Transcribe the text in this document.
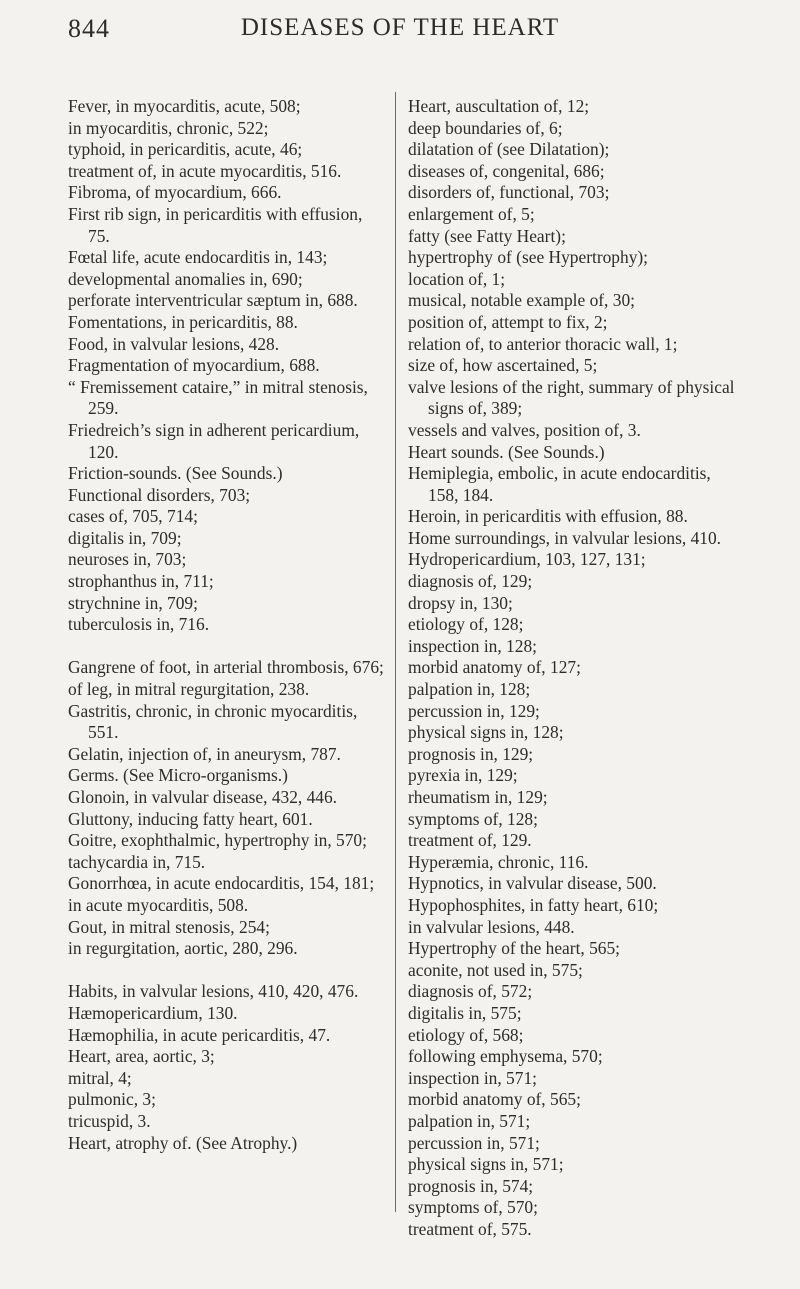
844	DISEASES OF THE HEART
Fever, in myocarditis, acute, 508;
in myocarditis, chronic, 522;
typhoid, in pericarditis, acute, 46;
treatment of, in acute myocarditis, 516.
Fibroma, of myocardium, 666.
First rib sign, in pericarditis with effusion, 75.
Fœtal life, acute endocarditis in, 143;
developmental anomalies in, 690;
perforate interventricular sæptum in, 688.
Fomentations, in pericarditis, 88.
Food, in valvular lesions, 428.
Fragmentation of myocardium, 688.
“ Fremissement cataire,” in mitral stenosis, 259.
Friedreich’s sign in adherent pericardium, 120.
Friction-sounds. (See Sounds.)
Functional disorders, 703;
cases of, 705, 714;
digitalis in, 709;
neuroses in, 703;
strophanthus in, 711;
strychnine in, 709;
tuberculosis in, 716.
Gangrene of foot, in arterial thrombosis, 676;
of leg, in mitral regurgitation, 238.
Gastritis, chronic, in chronic myocarditis, 551.
Gelatin, injection of, in aneurysm, 787.
Germs. (See Micro-organisms.)
Glonoin, in valvular disease, 432, 446.
Gluttony, inducing fatty heart, 601.
Goitre, exophthalmic, hypertrophy in, 570;
tachycardia in, 715.
Gonorrhœa, in acute endocarditis, 154, 181;
in acute myocarditis, 508.
Gout, in mitral stenosis, 254;
in regurgitation, aortic, 280, 296.
Habits, in valvular lesions, 410, 420, 476.
Hæmopericardium, 130.
Hæmophilia, in acute pericarditis, 47.
Heart, area, aortic, 3;
mitral, 4;
pulmonic, 3;
tricuspid, 3.
Heart, atrophy of. (See Atrophy.)
Heart, auscultation of, 12;
deep boundaries of, 6;
dilatation of (see Dilatation);
diseases of, congenital, 686;
disorders of, functional, 703;
enlargement of, 5;
fatty (see Fatty Heart);
hypertrophy of (see Hypertrophy);
location of, 1;
musical, notable example of, 30;
position of, attempt to fix, 2;
relation of, to anterior thoracic wall, 1;
size of, how ascertained, 5;
valve lesions of the right, summary of physical signs of, 389;
vessels and valves, position of, 3.
Heart sounds. (See Sounds.)
Hemiplegia, embolic, in acute endocarditis, 158, 184.
Heroin, in pericarditis with effusion, 88.
Home surroundings, in valvular lesions, 410.
Hydropericardium, 103, 127, 131;
diagnosis of, 129;
dropsy in, 130;
etiology of, 128;
inspection in, 128;
morbid anatomy of, 127;
palpation in, 128;
percussion in, 129;
physical signs in, 128;
prognosis in, 129;
pyrexia in, 129;
rheumatism in, 129;
symptoms of, 128;
treatment of, 129.
Hyperæmia, chronic, 116.
Hypnotics, in valvular disease, 500.
Hypophosphites, in fatty heart, 610;
in valvular lesions, 448.
Hypertrophy of the heart, 565;
aconite, not used in, 575;
diagnosis of, 572;
digitalis in, 575;
etiology of, 568;
following emphysema, 570;
inspection in, 571;
morbid anatomy of, 565;
palpation in, 571;
percussion in, 571;
physical signs in, 571;
prognosis in, 574;
symptoms of, 570;
treatment of, 575.
